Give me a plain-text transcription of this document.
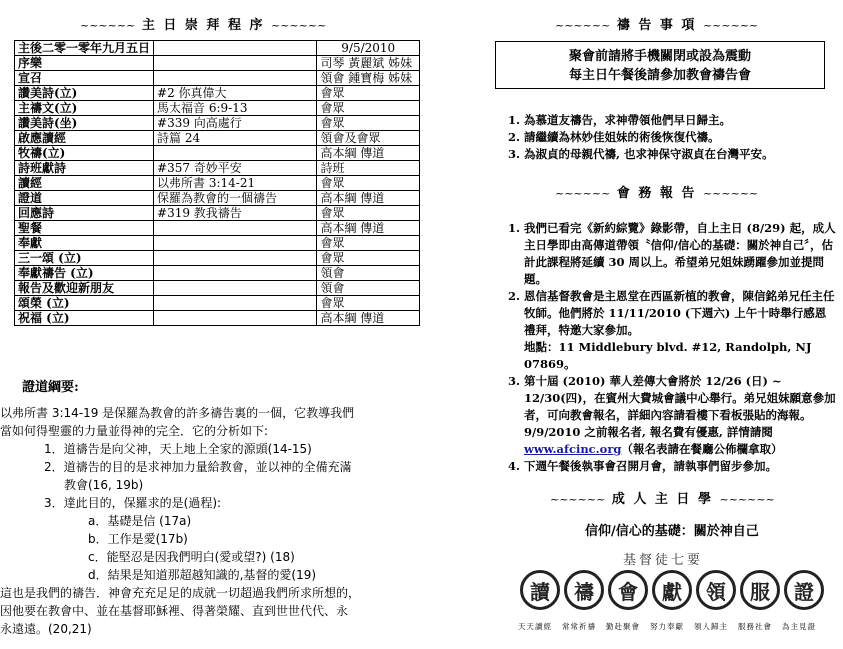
~~~~~~ 主 日 崇 拜 程 序 ~~~~~~
主後二零一零年九月五日		9/5/2010
序樂		司琴 黃麗斌 姊妹
宣召		領會 鍾寶梅 姊妹
讚美詩(立)	#2 你真偉大	會眾
主禱文(立)	馬太福音 6:9-13	會眾
讚美詩(坐)	#339 向高處行	會眾
啟應讀經	詩篇 24	領會及會眾
牧禱(立)		高本綱 傳道
詩班獻詩	#357 奇妙平安	詩班
讀經	以弗所書 3:14-21	會眾
證道	保羅為教會的一個禱告	高本綱 傳道
回應詩	#319 教我禱告	會眾
聖餐		高本綱 傳道
奉獻		會眾
三一頌 (立)		會眾
奉獻禱告 (立)		領會
報告及歡迎新朋友		領會
頌榮 (立)		會眾
祝福 (立)		高本綱 傳道
證道綱要:

以弗所書 3:14-19 是保羅為教會的許多禱告裏的一個，它教導我們

當如何得聖靈的力量並得神的完全．它的分析如下:

1．道禱告是向父神，天上地上全家的源頭(14-15)

2．道禱告的目的是求神加力量給教會，並以神的全備充滿

教會(16, 19b)

3．達此目的，保羅求的是(過程):

a．基礎是信 (17a)

b．工作是愛(17b)

c．能堅忍是因我們明白(愛或望?) (18)

d．結果是知道那超越知識的,基督的愛(19)

這也是我們的禱告．神會充充足足的成就一切超過我們所求所想的，

因他要在教會中、並在基督耶穌裡、得著榮耀、直到世世代代、永

永遠遠。(20,21)

~~~~~~ 禱 告 事 項 ~~~~~~
聚會前請將手機關閉或設為震動
每主日午餐後請參加教會禱告會
1. 為慕道友禱告，求神帶領他們早日歸主。
2. 請繼續為林妙佳姐妹的術後恢復代禱。
3. 為淑貞的母親代禱, 也求神保守淑貞在台灣平安。
~~~~~~ 會 務 報 告 ~~~~~~
1. 我們已看完《新約綜覽》錄影帶，自上主日 (8/29) 起，成人主日學即由高傳道帶領〝信仰/信心的基礎：關於神自己〞，估計此課程將延續 30 周以上。希望弟兄姐妹踴躍參加並提問題。
2. 恩信基督教會是主恩堂在西區新植的教會，陳信銘弟兄任主任牧師。他們將於 11/11/2010 (下週六) 上午十時舉行感恩禮拜，特邀大家參加。
地點：11 Middlebury blvd. #12, Randolph, NJ 07869。
3. 第十屆 (2010) 華人差傳大會將於 12/26 (日) ~ 12/30(四)，在賓州大費城會議中心舉行。弟兄姐妹願意參加者，可向教會報名，詳細內容請看樓下看板張貼的海報。9/9/2010 之前報名者, 報名費有優惠, 詳情請閱 www.afcinc.org（報名表請在餐廳公佈欄拿取）
4. 下週午餐後執事會召開月會，請執事們留步參加。
~~~~~~ 成 人 主 日 學 ~~~~~~
信仰/信心的基礎：關於神自己
基督徒七要
讀	禱	會	獻	領	服	證
天天讀經 常常祈禱 勤赴聚會 努力奉獻 領人歸主 服務社會 為主見證
